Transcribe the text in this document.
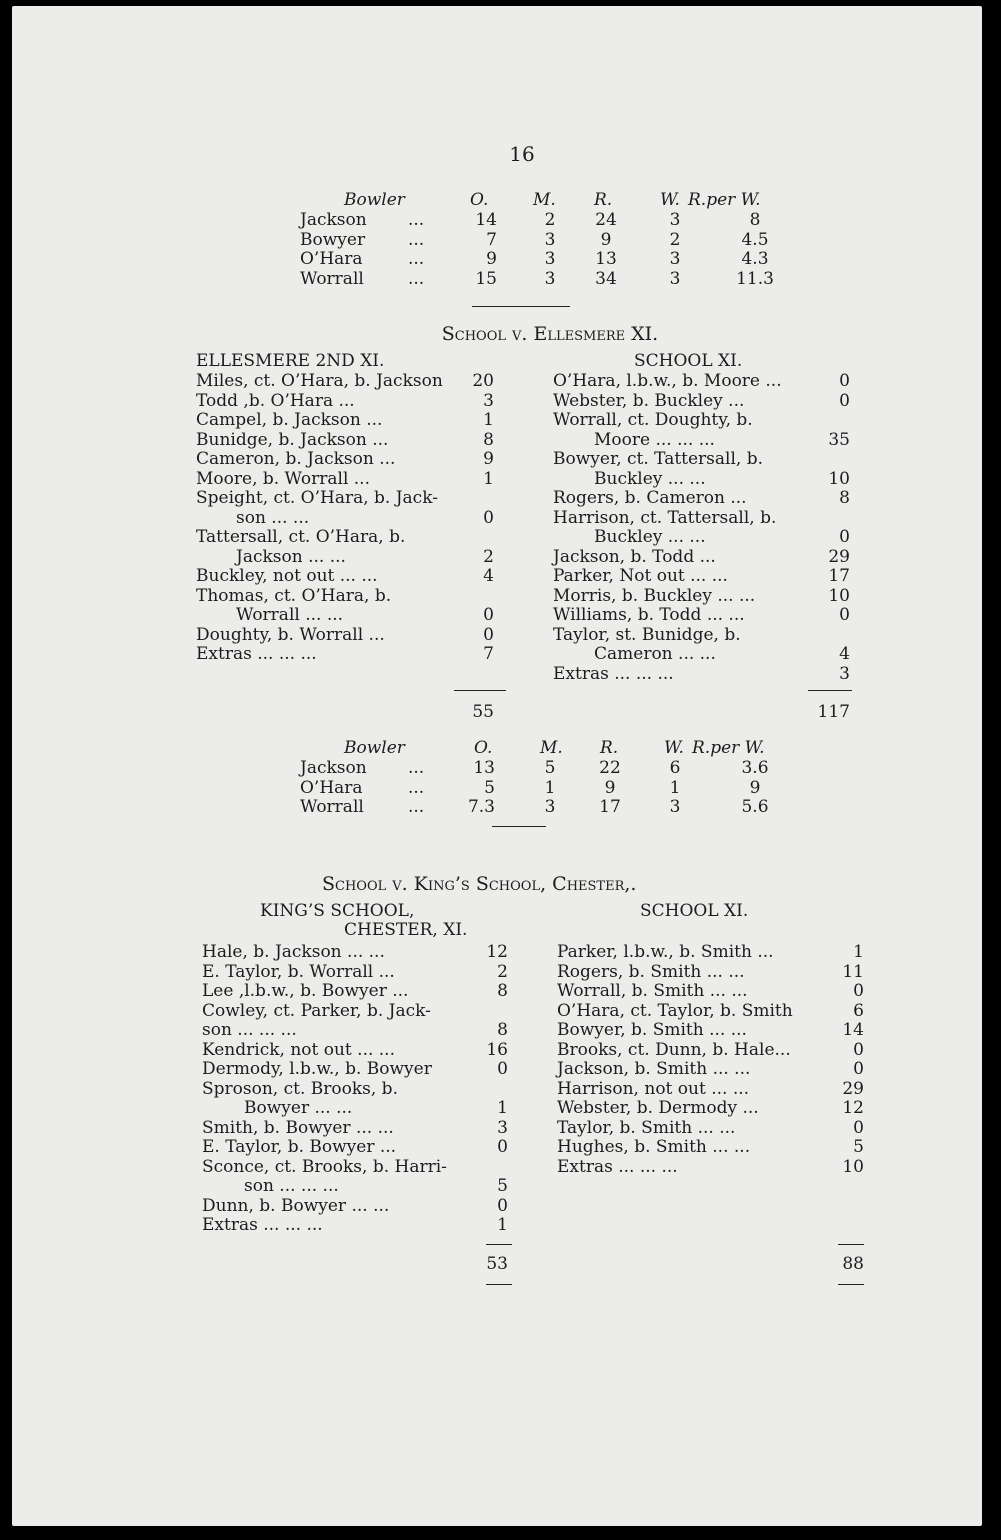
16
Bowler	O.	M. R.	W. R.per W.
Jackson ...	14	2	24	3	8
Bowyer	...	7	3	9	2	4.5
O’Hara	...	9	3	13	3	4.3
Worrall	...	15	3	34	3	11.3
School v. Ellesmere XI.
ELLESMERE 2ND XI.	SCHOOL XI.
Miles, ct. O’Hara, b. Jackson	20
Todd ,b. O’Hara ...	3
Campel, b. Jackson ...	1
Bunidge, b. Jackson ...	8
Cameron, b. Jackson ...	9
Moore, b. Worrall ...	1
Speight, ct. O’Hara, b. Jack-
son ... ...	0
Tattersall, ct. O’Hara, b.
Jackson ... ...	2
Buckley, not out ... ...	4
Thomas, ct. O’Hara, b.
Worrall ... ...	0
Doughty, b. Worrall ...	0
Extras ... ... ...	7
O’Hara, l.b.w., b. Moore ...	0
Webster, b. Buckley ...	0
Worrall, ct. Doughty, b.
Moore ... ... ...	35
Bowyer, ct. Tattersall, b.
Buckley ... ...	10
Rogers, b. Cameron ...	8
Harrison, ct. Tattersall, b.
Buckley ... ...	0
Jackson, b. Todd ...	29
Parker, Not out ... ...	17
Morris, b. Buckley ... ...	10
Williams, b. Todd ... ...	0
Taylor, st. Bunidge, b.
Cameron ... ...	4
Extras ... ... ...	3
55	117
Bowler	O.	M. R.	W. R.per W.
Jackson ...	13	5	22	6	3.6
O’Hara	...	5	1	9	1	9
Worrall	...	7.3	3	17	3	5.6
School v. King’s School, Chester,.
KING’S SCHOOL,
CHESTER, XI.
SCHOOL XI.
Hale, b. Jackson ... ...	12
E. Taylor, b. Worrall ...	2
Lee ,l.b.w., b. Bowyer ...	8
Cowley, ct. Parker, b. Jack-
son ... ... ...	8
Kendrick, not out ... ...	16
Dermody, l.b.w., b. Bowyer	0
Sproson, ct. Brooks, b.
Bowyer ... ...	1
Smith, b. Bowyer ... ...	3
E. Taylor, b. Bowyer ...	0
Sconce, ct. Brooks, b. Harri-
son ... ... ...	5
Dunn, b. Bowyer ... ...	0
Extras ... ... ...	1
Parker, l.b.w., b. Smith ...	1
Rogers, b. Smith ... ...	11
Worrall, b. Smith ... ...	0
O’Hara, ct. Taylor, b. Smith	6
Bowyer, b. Smith ... ...	14
Brooks, ct. Dunn, b. Hale...	0
Jackson, b. Smith ... ...	0
Harrison, not out ... ...	29
Webster, b. Dermody ...	12
Taylor, b. Smith ... ...	0
Hughes, b. Smith ... ...	5
Extras ... ... ...	10
53	88
